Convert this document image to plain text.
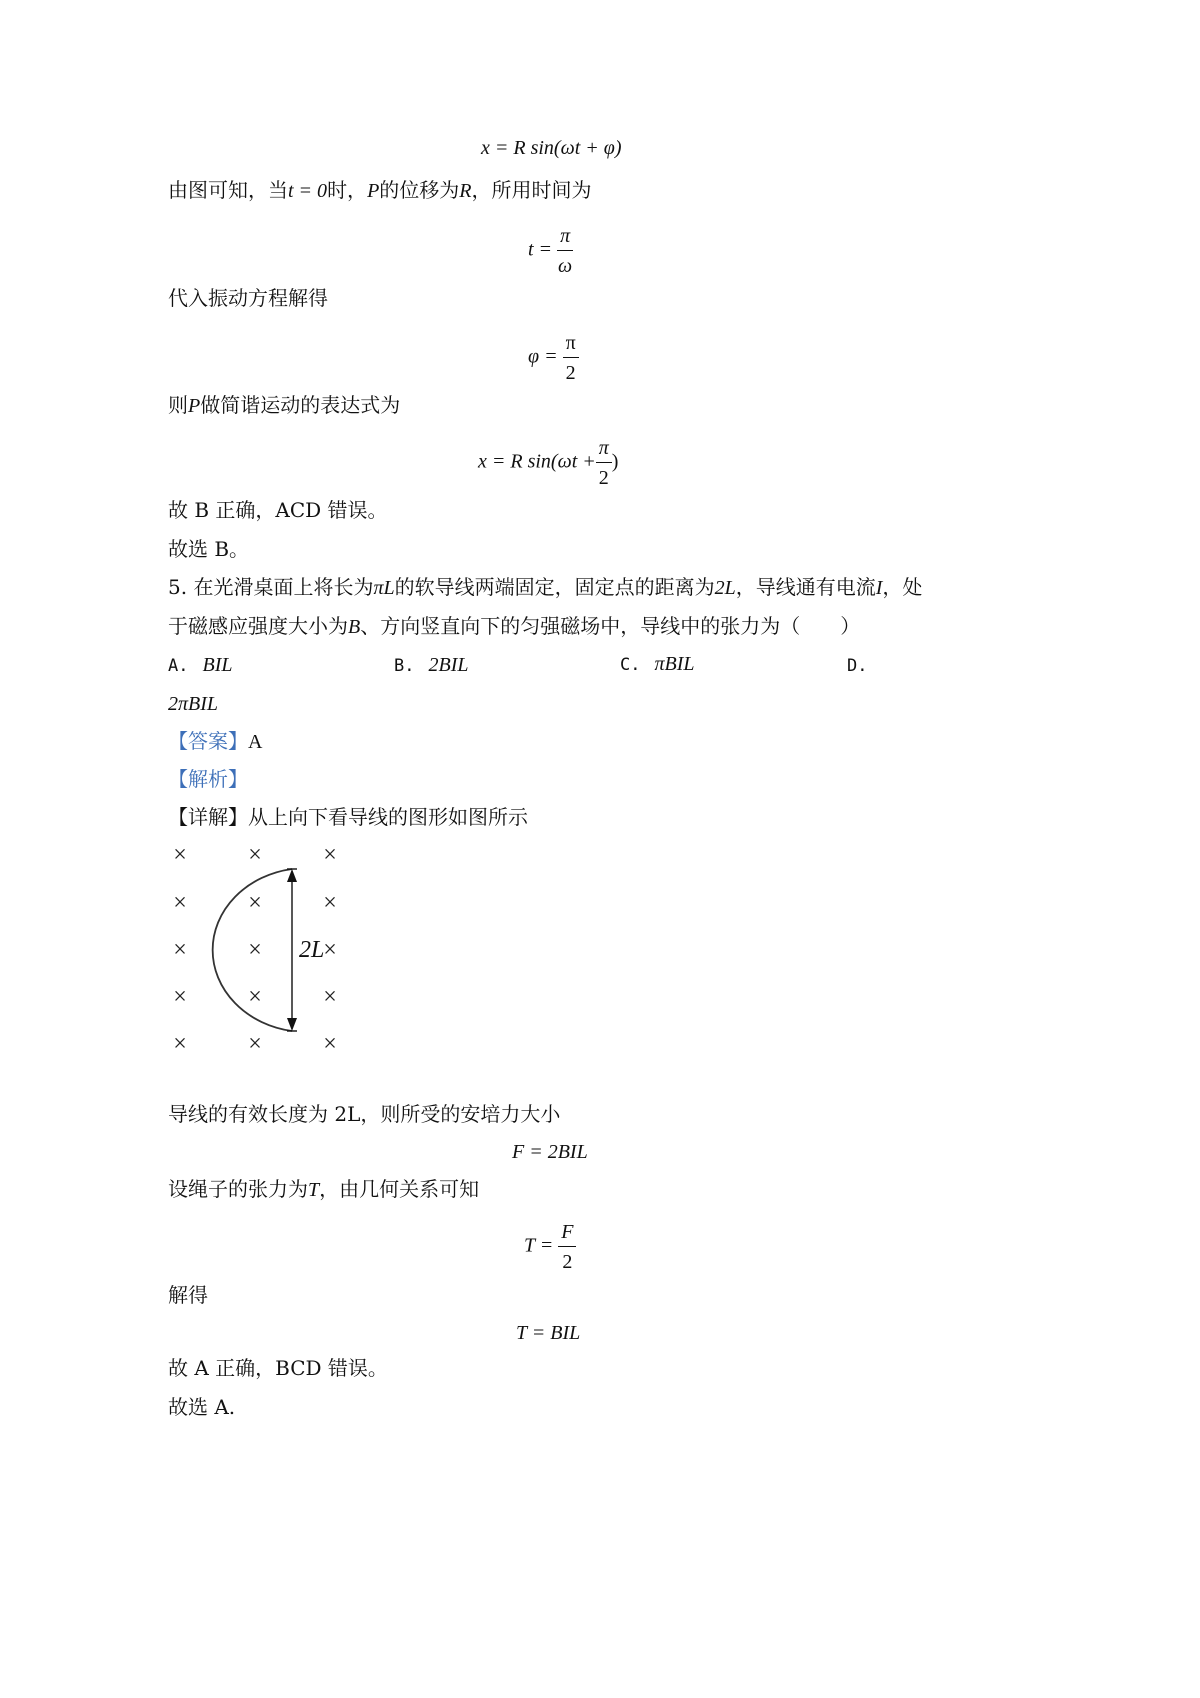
x = R sin(ωt + φ)
由图可知，当t = 0时，P的位移为R，所用时间为
$t = \frac{\pi}{\omega}$
代入振动方程解得
$\varphi = \frac{\pi}{2}$
则P做简谐运动的表达式为
x = R $\sin(\omega t + \frac{\pi}{2}$ )
故 B 正确，ACD 错误。
故选 B。
5. 在光滑桌面上将长为πL的软导线两端固定，固定点的距离为2L，导线通有电流I，处
于磁感应强度大小为B、方向竖直向下的匀强磁场中，导线中的张力为（　　）
A. BIL	B. 2BIL	C. πBIL	D.
2πBIL
【答案】A
【解析】
【详解】从上向下看导线的图形如图所示
×	×	×
×	×	×
×	×	×
×	×	×
×	×	×
2L
导线的有效长度为 2L，则所受的安培力大小
F = 2BIL
设绳子的张力为T，由几何关系可知
$T = \frac{F}{2}$
解得
T = BIL
故 A 正确，BCD 错误。
故选 A.
